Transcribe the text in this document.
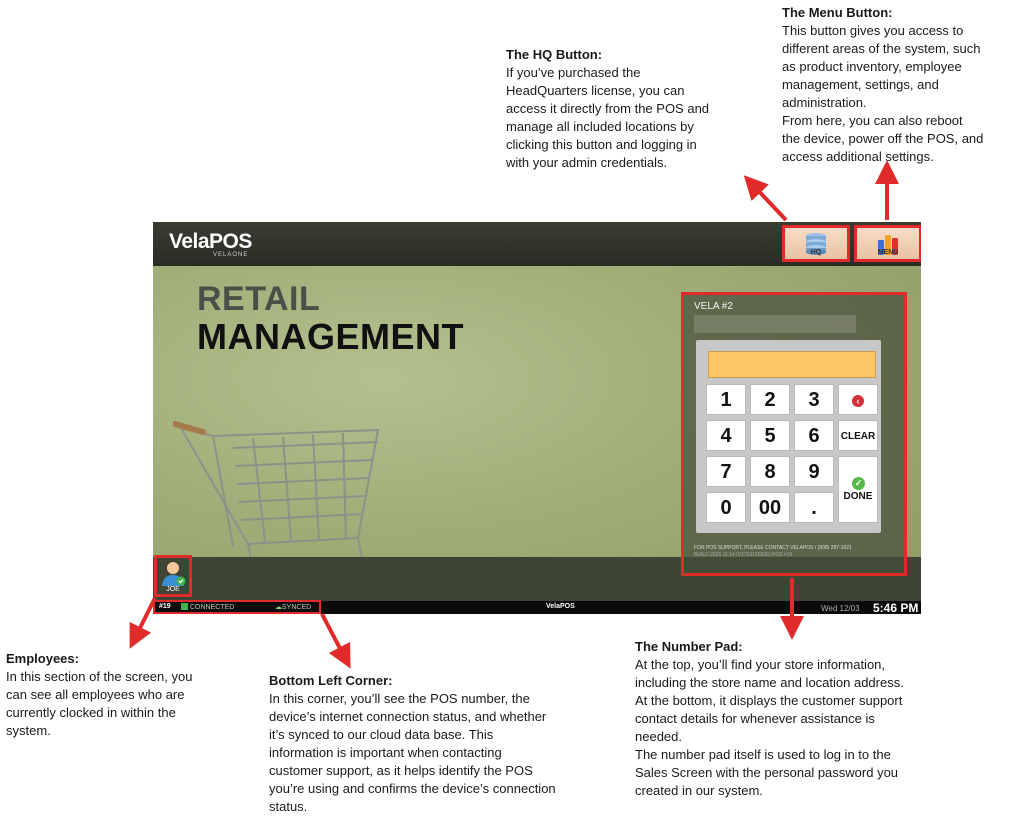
The HQ Button:
If you’ve purchased the
HeadQuarters license, you can
access it directly from the POS and
manage all included locations by
clicking this button and logging in
with your admin credentials.
The Menu Button:
This button gives you access to
different areas of the system, such
as product inventory, employee
management, settings, and
administration.
From here, you can also reboot
the device, power off the POS, and
access additional settings.
Employees:
In this section of the screen, you
can see all employees who are
currently clocked in within the
system.
Bottom Left Corner:
In this corner, you’ll see the POS number, the
device’s internet connection status, and whether
it’s synced to our cloud data base. This
information is important when contacting
customer support, as it helps identify the POS
you’re using and confirms the device’s connection
status.
The Number Pad:
At the top, you’ll find your store information,
including the store name and location address.
At the bottom, it displays the customer support
contact details for whenever assistance is
needed.
The number pad itself is used to log in to the
Sales Screen with the personal password you
created in our system.
VelaPOS
VELAONE	HQ	MENU
RETAIL
MANAGEMENT
JOE
#19	CONNECTED	☁SYNCED	VelaPOS	Wed 12/03 5:46 PM
VELA #2
1	2	3	‹
4	5	6	CLEAR
7	8	9	✓
DONE
0	00	.
FOR POS SUPPORT, PLEASE CONTACT VELAPOS / (908) 287-1021
BUILD 2025.11.14 (V1763126036) POS #19
